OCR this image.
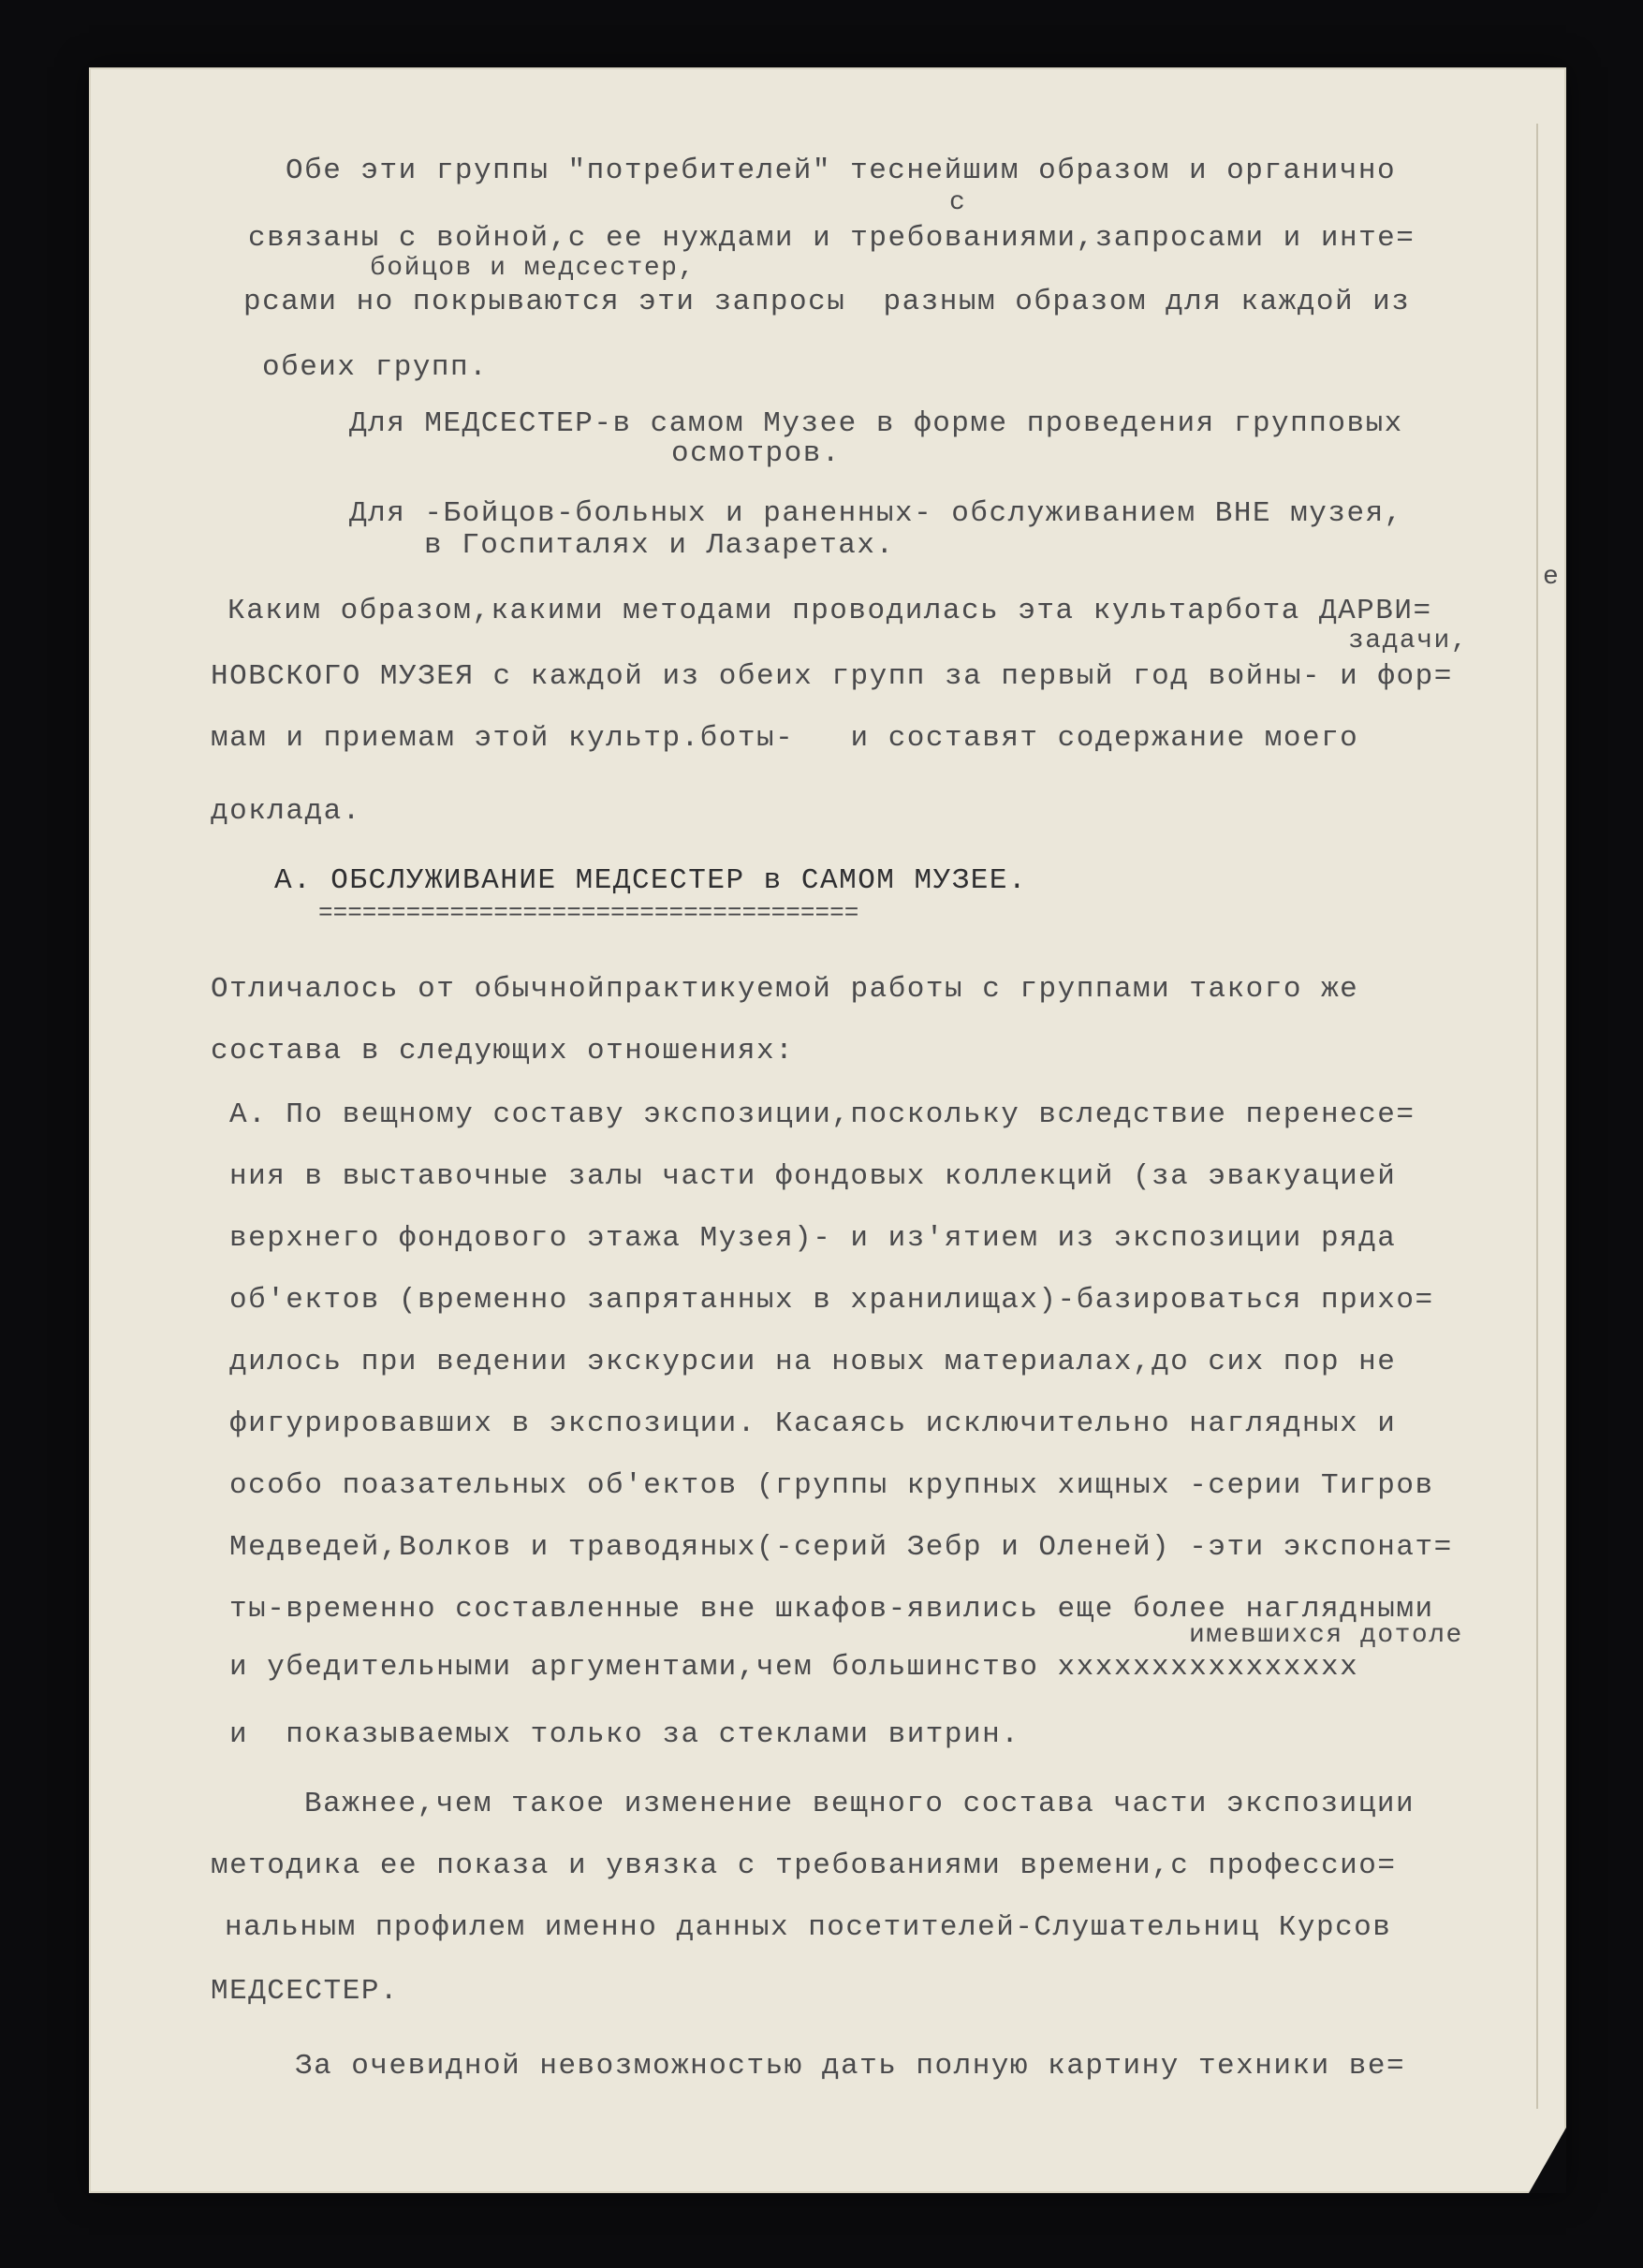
Обе эти группы "потребителей" теснейшим образом и органично

с

связаны с войной,с ее нуждами и требованиями,запросами и инте=

бойцов и медсестер,

рсами но покрываются эти запросы  разным образом для каждой из

обеих групп.

Для МЕДСЕСТЕР-в самом Музее в форме проведения групповых

осмотров.

Для -Бойцов-больных и раненных- обслуживанием ВНЕ музея,

в Госпиталях и Лазаретах.

е

Каким образом,какими методами проводилась эта культарбота ДАРВИ=

задачи,

НОВСКОГО МУЗЕЯ с каждой из обеих групп за первый год войны- и фор=

мам и приемам этой культр.боты-   и составят содержание моего

доклада.

А. ОБСЛУЖИВАНИЕ МЕДСЕСТЕР в САМОМ МУЗЕЕ.

=====================================

Отличалось от обычнойпрактикуемой работы с группами такого же

состава в следующих отношениях:

А. По вещному составу экспозиции,поскольку вследствие перенесе=

ния в выставочные залы части фондовых коллекций (за эвакуацией

верхнего фондового этажа Музея)- и из'ятием из экспозиции ряда

об'ектов (временно запрятанных в хранилищах)-базироваться прихо=

дилось при ведении экскурсии на новых материалах,до сих пор не

фигурировавших в экспозиции. Касаясь исключительно наглядных и

особо поазательных об'ектов (группы крупных хищных -серии Тигров

Медведей,Волков и траводяных(-серий Зебр и Оленей) -эти экспонат=

ты-временно составленные вне шкафов-явились еще более наглядными

имевшихся дотоле

и убедительными аргументами,чем большинство xxxxxxxxxxxxxxxx

и  показываемых только за стеклами витрин.

Важнее,чем такое изменение вещного состава части экспозиции

методика ее показа и увязка с требованиями времени,с профессио=

нальным профилем именно данных посетителей-Слушательниц Курсов

МЕДСЕСТЕР.

За очевидной невозможностью дать полную картину техники ве=
